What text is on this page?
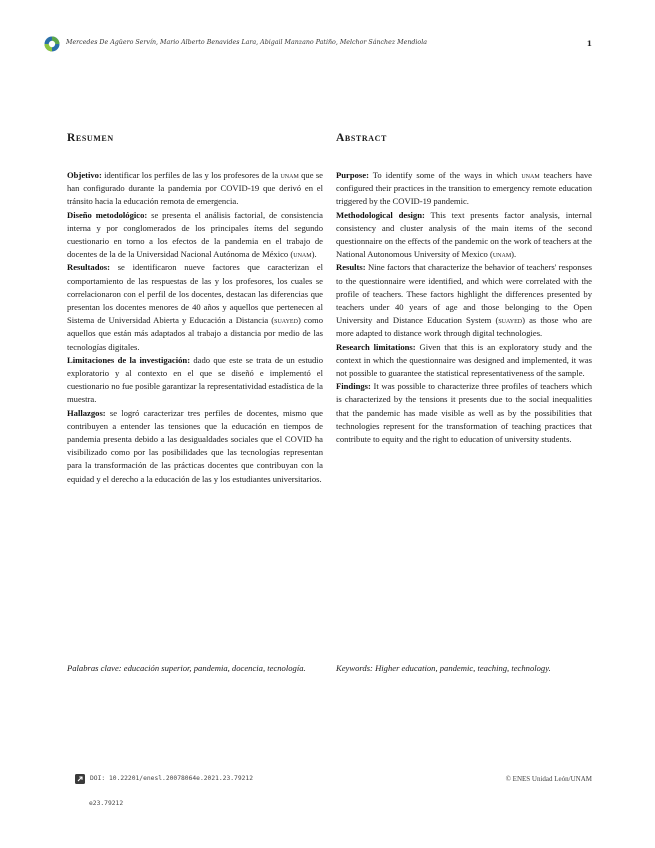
Mercedes De Agüero Servín, Mario Alberto Benavides Lara, Abigail Manzano Patiño, Melchor Sánchez Mendiola	1
Resumen

Objetivo: identificar los perfiles de las y los profesores de la unam que se han configurado durante la pandemia por COVID-19 que derivó en el tránsito hacia la educación remota de emergencia.

Diseño metodológico: se presenta el análisis factorial, de consistencia interna y por conglomerados de los principales ítems del segundo cuestionario en torno a los efectos de la pandemia en el trabajo de docentes de la de la Universidad Nacional Autónoma de México (unam).

Resultados: se identificaron nueve factores que caracterizan el comportamiento de las respuestas de las y los profesores, los cuales se correlacionaron con el perfil de los docentes, destacan las diferencias que presentan los docentes menores de 40 años y aquellos que pertenecen al Sistema de Universidad Abierta y Educación a Distancia (suayed) como aquellos que están más adaptados al trabajo a distancia por medio de las tecnologías digitales.

Limitaciones de la investigación: dado que este se trata de un estudio exploratorio y al contexto en el que se diseñó e implementó el cuestionario no fue posible garantizar la representatividad estadística de la muestra.

Hallazgos: se logró caracterizar tres perfiles de docentes, mismo que contribuyen a entender las tensiones que la educación en tiempos de pandemia presenta debido a las desigualdades sociales que el COVID ha visibilizado como por las posibilidades que las tecnologías representan para la transformación de las prácticas docentes que contribuyan con la equidad y el derecho a la educación de las y los estudiantes universitarios.

Abstract

Purpose: To identify some of the ways in which unam teachers have configured their practices in the transition to emergency remote education triggered by the COVID-19 pandemic.

Methodological design: This text presents factor analysis, internal consistency and cluster analysis of the main items of the second questionnaire on the effects of the pandemic on the work of teachers at the National Autonomous University of Mexico (unam).

Results: Nine factors that characterize the behavior of teachers' responses to the questionnaire were identified, and which were correlated with the profile of teachers. These factors highlight the differences presented by teachers under 40 years of age and those belonging to the Open University and Distance Education System (suayed) as those who are more adapted to distance work through digital technologies.

Research limitations: Given that this is an exploratory study and the context in which the questionnaire was designed and implemented, it was not possible to guarantee the statistical representativeness of the sample.

Findings: It was possible to characterize three profiles of teachers which is characterized by the tensions it presents due to the social inequalities that the pandemic has made visible as well as by the possibilities that technologies represent for the transformation of teaching practices that contribute to equity and the right to education of university students.

Palabras clave: educación superior, pandemia, docencia, tecnología.	Keywords: Higher education, pandemic, teaching, technology.
DOI: 10.22201/enesl.20078064e.2021.23.79212	© ENES Unidad León/UNAM
e23.79212
